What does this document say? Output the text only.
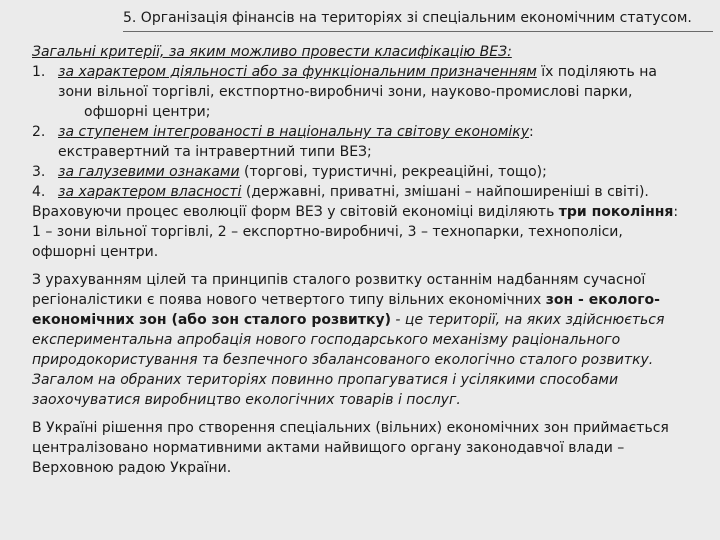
5. Організація фінансів на територіях зі спеціальним економічним статусом.

Загальні критерії, за яким можливо провести класифікацію ВЕЗ:

1. за характером діяльності або за функціональним призначенням їх поділяють на

зони вільної торгівлі, екстпортно-виробничі зони, науково-промислові парки,

офшорні центри;

2. за ступенем інтегрованості в національну та світову економіку:

екстравертний та інтравертний типи ВЕЗ;

3. за галузевими ознаками (торгові, туристичні, рекреаційні, тощо);
4. за характером власності (державні, приватні, змішані – найпоширеніші в світі).

Враховуючи процес еволюції форм ВЕЗ у світовій економіці виділяють три покоління:

1 – зони вільної торгівлі, 2 – експортно-виробничі, 3 – технопарки, технополіси,

офшорні центри.

З урахуванням цілей та принципів сталого розвитку останнім надбанням сучасної

регіоналістики є поява нового четвертого типу вільних економічних зон - еколого-

економічних зон (або зон сталого розвитку) - це території, на яких здійснюється

експериментальна апробація нового господарського механізму раціонального

природокористування та безпечного збалансованого екологічно сталого розвитку.

Загалом на обраних територіях повинно пропагуватися і усілякими способами

заохочуватися виробництво екологічних товарів і послуг.

В Україні рішення про створення спеціальних (вільних) економічних зон приймається

централізовано нормативними актами найвищого органу законодавчої влади –

Верховною радою України.
